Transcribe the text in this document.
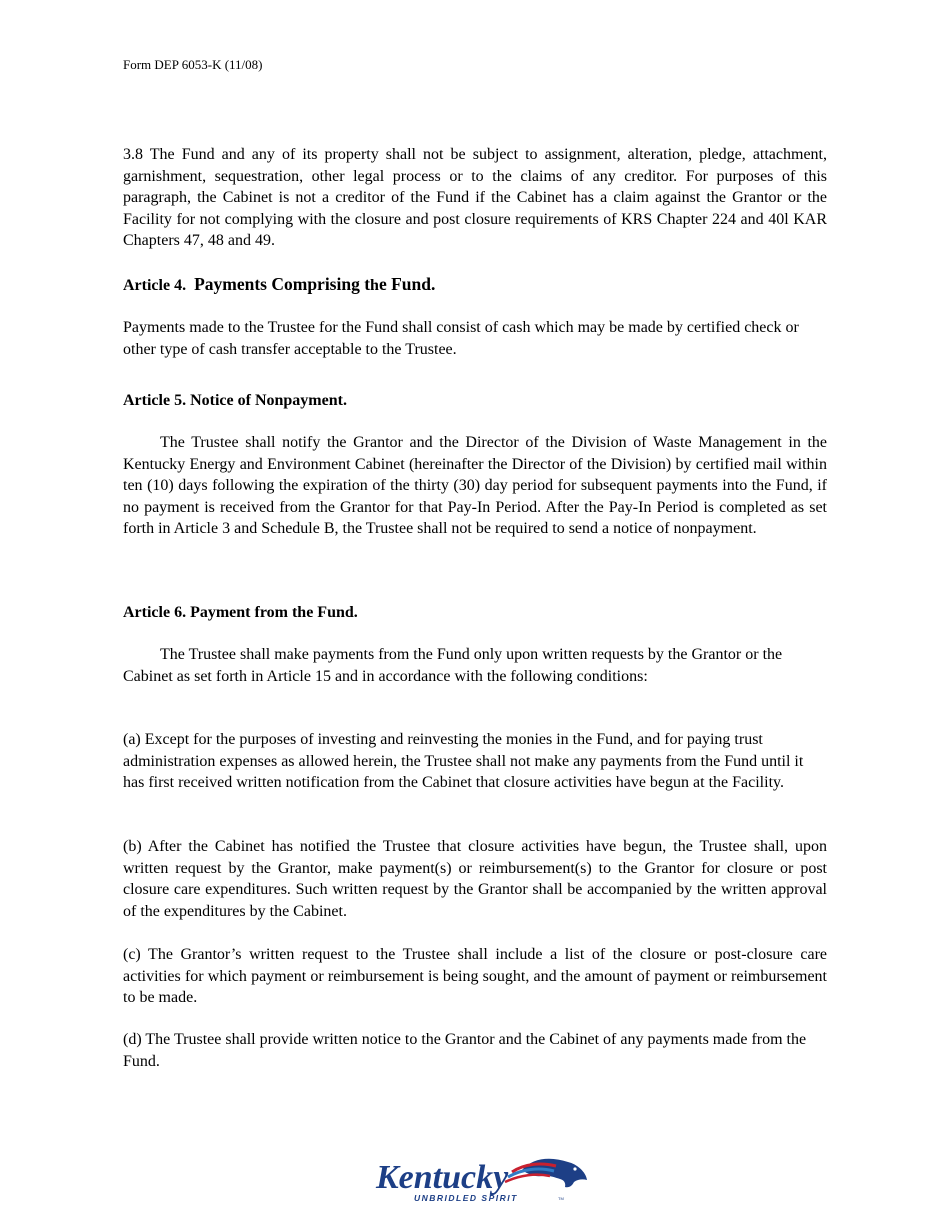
Form DEP 6053-K (11/08)

3.8 The Fund and any of its property shall not be subject to assignment, alteration, pledge, attachment, garnishment, sequestration, other legal process or to the claims of any creditor. For purposes of this paragraph, the Cabinet is not a creditor of the Fund if the Cabinet has a claim against the Grantor or the Facility for not complying with the closure and post closure requirements of KRS Chapter 224 and 40l KAR Chapters 47, 48 and 49.

Article 4. Payments Comprising the Fund.

Payments made to the Trustee for the Fund shall consist of cash which may be made by certified check or other type of cash transfer acceptable to the Trustee.

Article 5. Notice of Nonpayment.

The Trustee shall notify the Grantor and the Director of the Division of Waste Management in the Kentucky Energy and Environment Cabinet (hereinafter the Director of the Division) by certified mail within ten (10) days following the expiration of the thirty (30) day period for subsequent payments into the Fund, if no payment is received from the Grantor for that Pay-In Period. After the Pay-In Period is completed as set forth in Article 3 and Schedule B, the Trustee shall not be required to send a notice of nonpayment.

Article 6. Payment from the Fund.

The Trustee shall make payments from the Fund only upon written requests by the Grantor or the Cabinet as set forth in Article 15 and in accordance with the following conditions:

(a) Except for the purposes of investing and reinvesting the monies in the Fund, and for paying trust administration expenses as allowed herein, the Trustee shall not make any payments from the Fund until it has first received written notification from the Cabinet that closure activities have begun at the Facility.

(b) After the Cabinet has notified the Trustee that closure activities have begun, the Trustee shall, upon written request by the Grantor, make payment(s) or reimbursement(s) to the Grantor for closure or post closure care expenditures. Such written request by the Grantor shall be accompanied by the written approval of the expenditures by the Cabinet.

(c) The Grantor’s written request to the Trustee shall include a list of the closure or post-closure care activities for which payment or reimbursement is being sought, and the amount of payment or reimbursement to be made.

(d) The Trustee shall provide written notice to the Grantor and the Cabinet of any payments made from the Fund.

Kentucky
UNBRIDLED SPIRIT	TM
